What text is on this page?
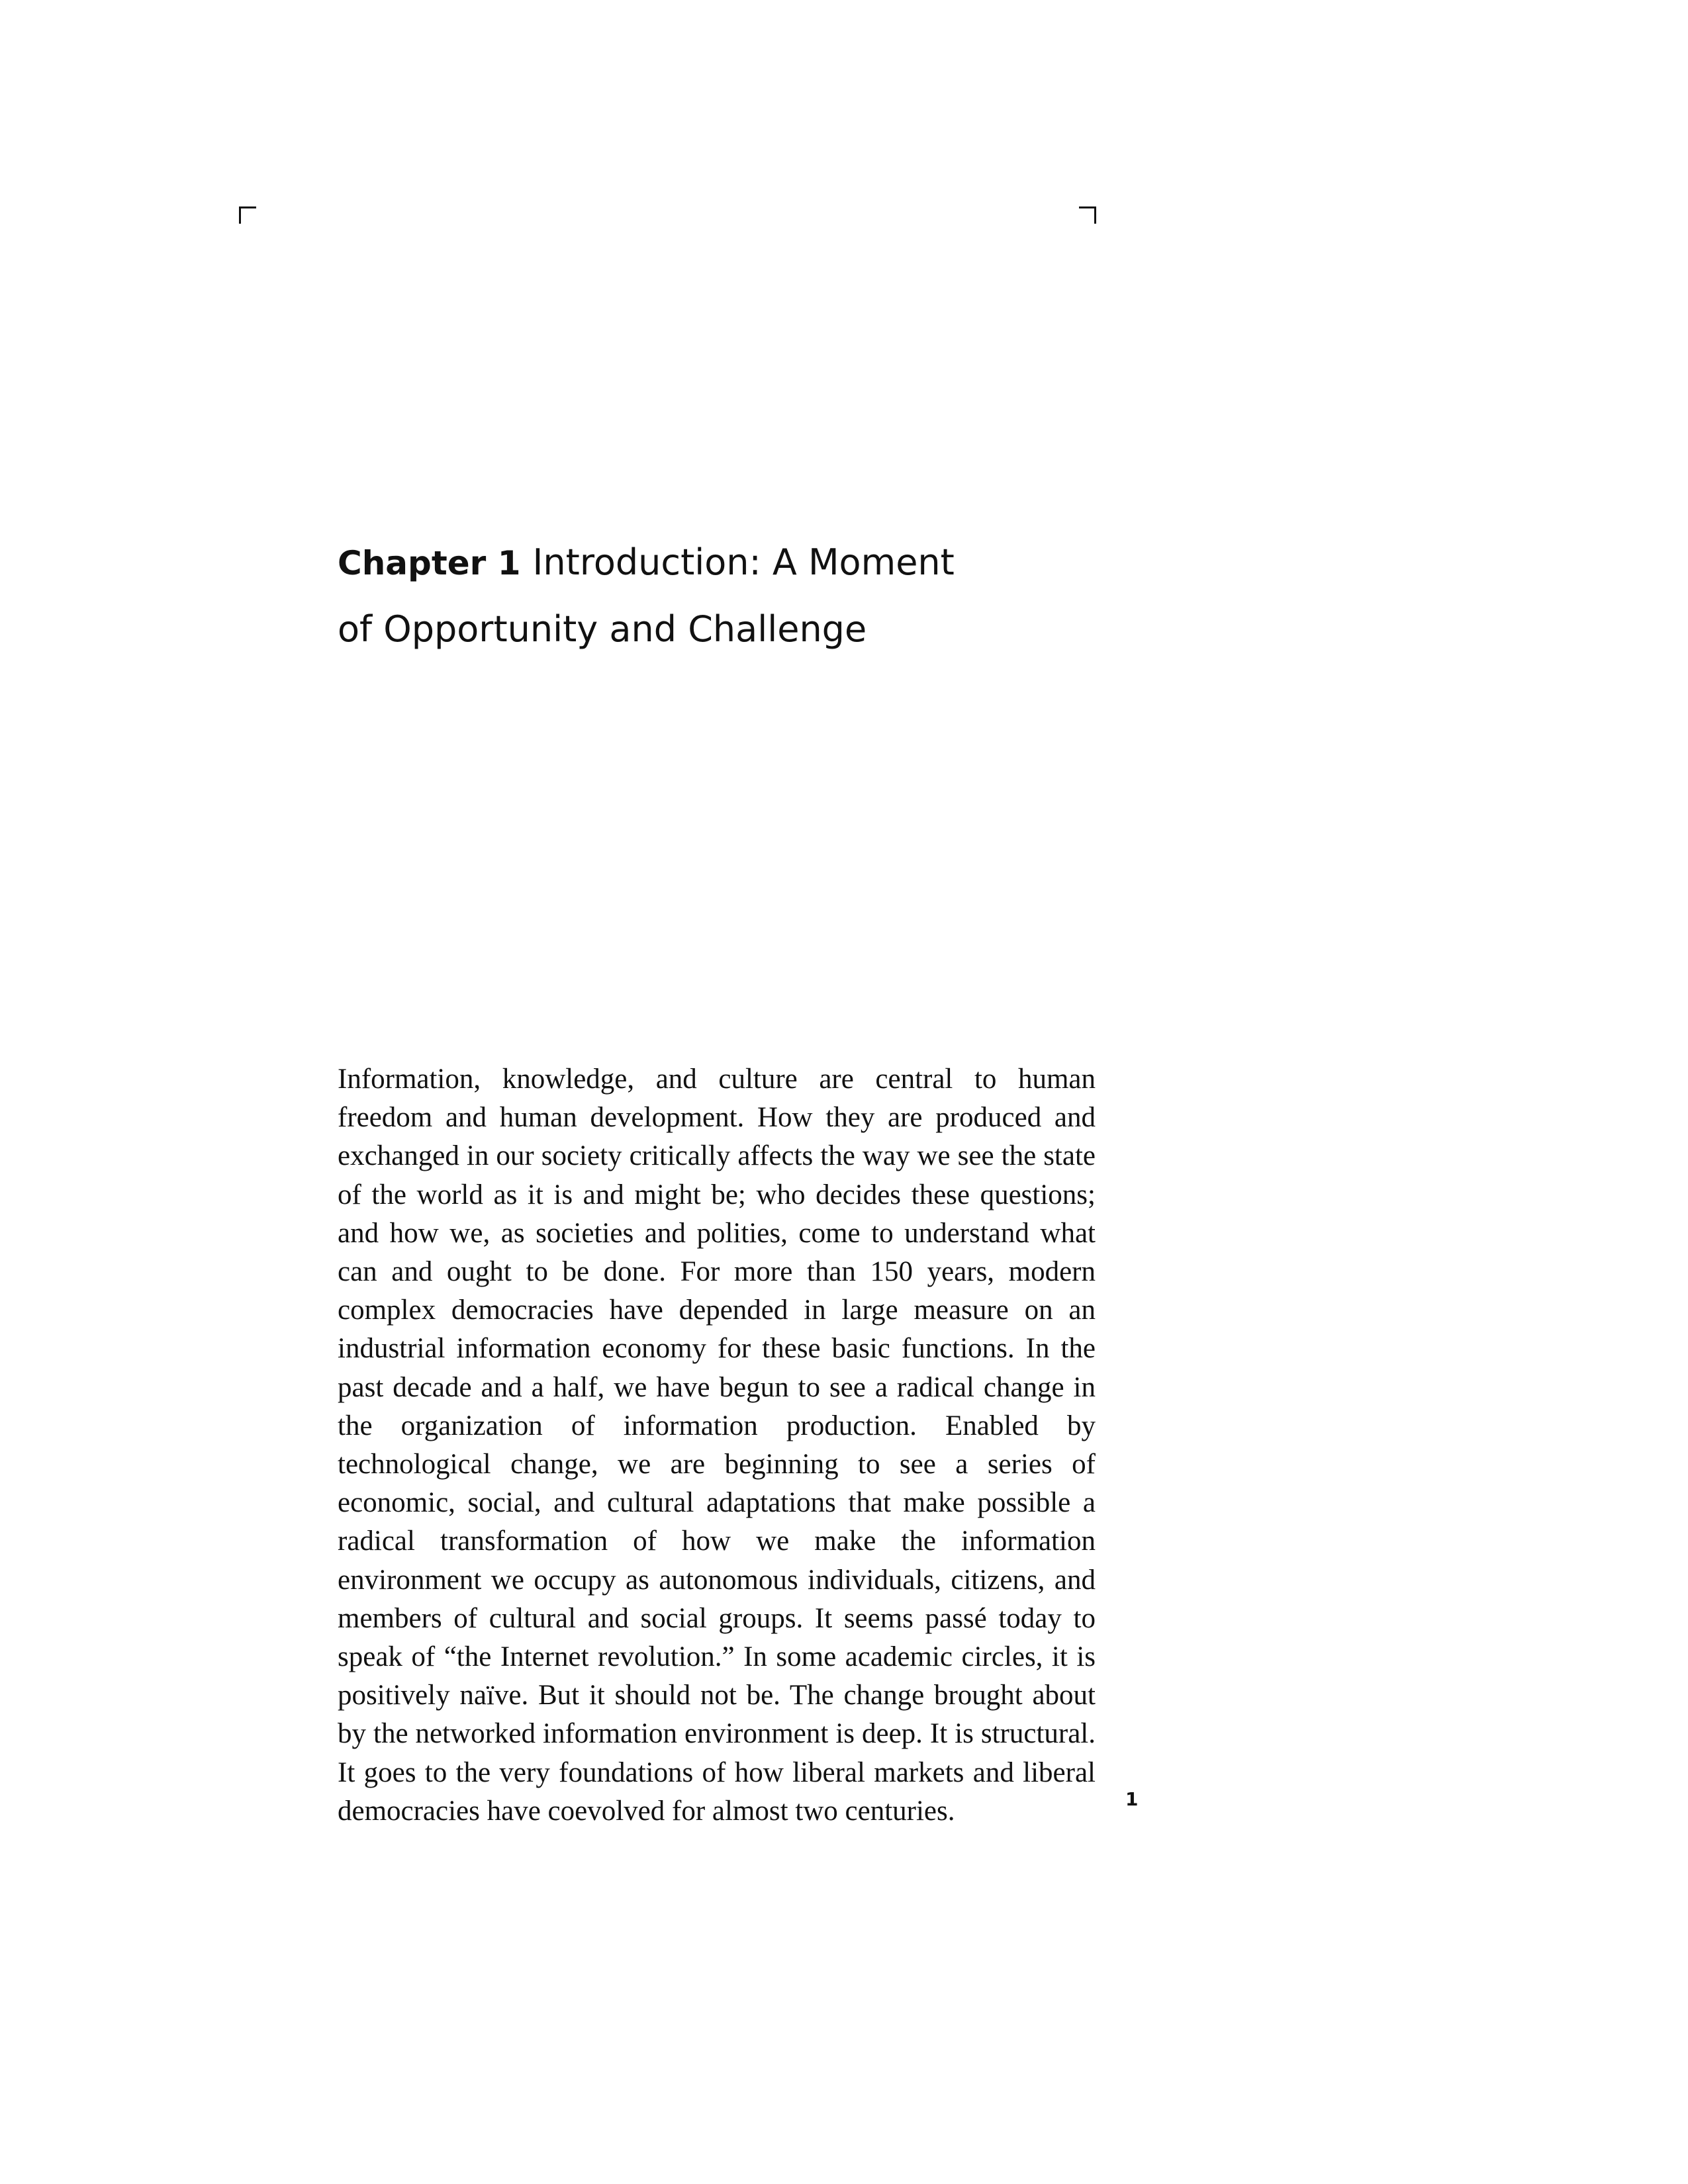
Chapter 1 Introduction: A Moment
of Opportunity and Challenge

Information, knowledge, and culture are central to human freedom and human development. How they are produced and exchanged in our society critically affects the way we see the state of the world as it is and might be; who decides these questions; and how we, as societies and polities, come to understand what can and ought to be done. For more than 150 years, modern complex democracies have depended in large measure on an industrial information economy for these basic functions. In the past decade and a half, we have begun to see a radical change in the organization of information production. Enabled by technological change, we are beginning to see a series of economic, social, and cultural adaptations that make possible a radical transformation of how we make the information environment we occupy as autonomous individuals, citizens, and members of cultural and social groups. It seems passé today to speak of “the Internet revolution.” In some academic circles, it is positively naïve. But it should not be. The change brought about by the networked information environment is deep. It is structural. It goes to the very foundations of how liberal markets and liberal democracies have coevolved for almost two centuries.	1
